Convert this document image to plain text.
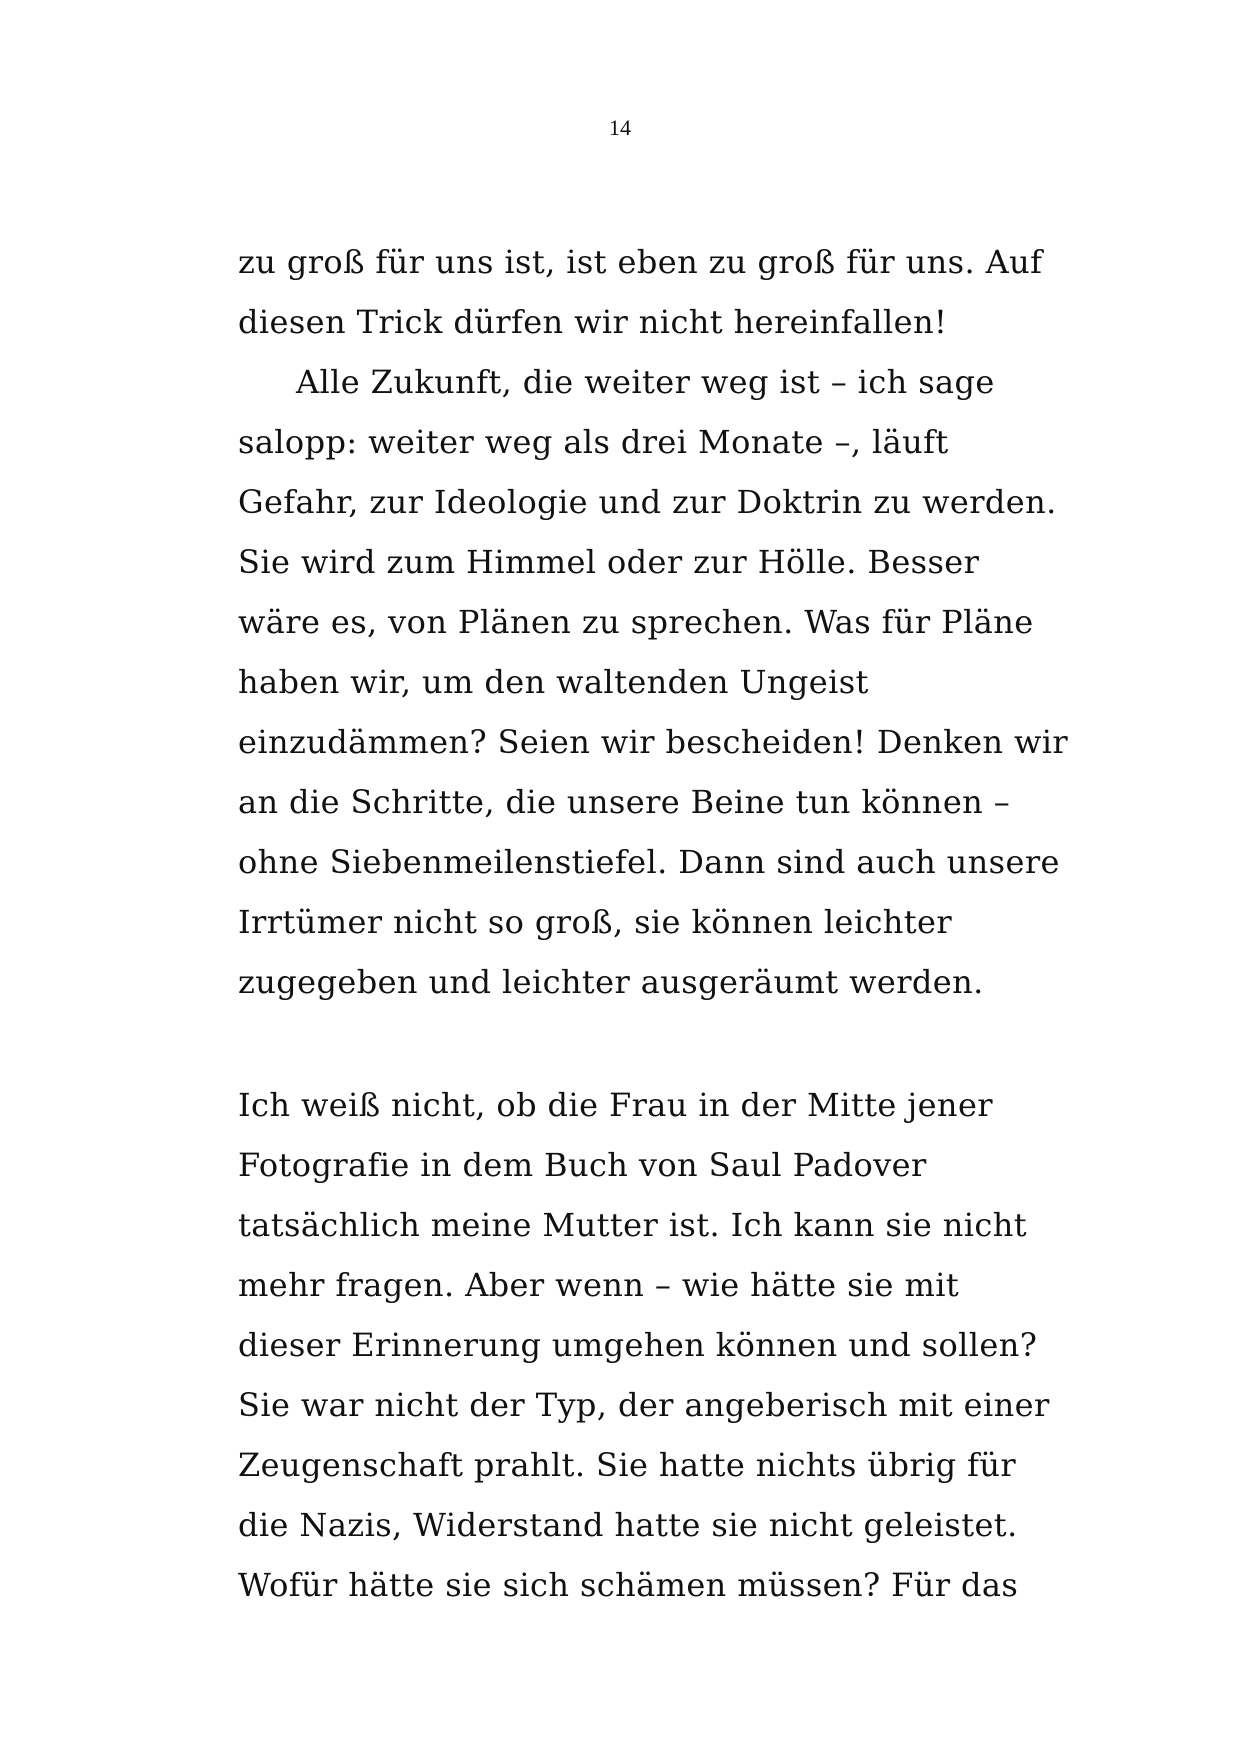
14
zu groß für uns ist, ist eben zu groß für uns. Auf
diesen Trick dürfen wir nicht hereinfallen!
Alle Zukunft, die weiter weg ist – ich sage
salopp: weiter weg als drei Monate –, läuft
Gefahr, zur Ideologie und zur Doktrin zu werden.
Sie wird zum Himmel oder zur Hölle. Besser
wäre es, von Plänen zu sprechen. Was für Pläne
haben wir, um den waltenden Ungeist
einzudämmen? Seien wir bescheiden! Denken wir
an die Schritte, die unsere Beine tun können –
ohne Siebenmeilenstiefel. Dann sind auch unsere
Irrtümer nicht so groß, sie können leichter
zugegeben und leichter ausgeräumt werden.
Ich weiß nicht, ob die Frau in der Mitte jener
Fotografie in dem Buch von Saul Padover
tatsächlich meine Mutter ist. Ich kann sie nicht
mehr fragen. Aber wenn – wie hätte sie mit
dieser Erinnerung umgehen können und sollen?
Sie war nicht der Typ, der angeberisch mit einer
Zeugenschaft prahlt. Sie hatte nichts übrig für
die Nazis, Widerstand hatte sie nicht geleistet.
Wofür hätte sie sich schämen müssen? Für das
